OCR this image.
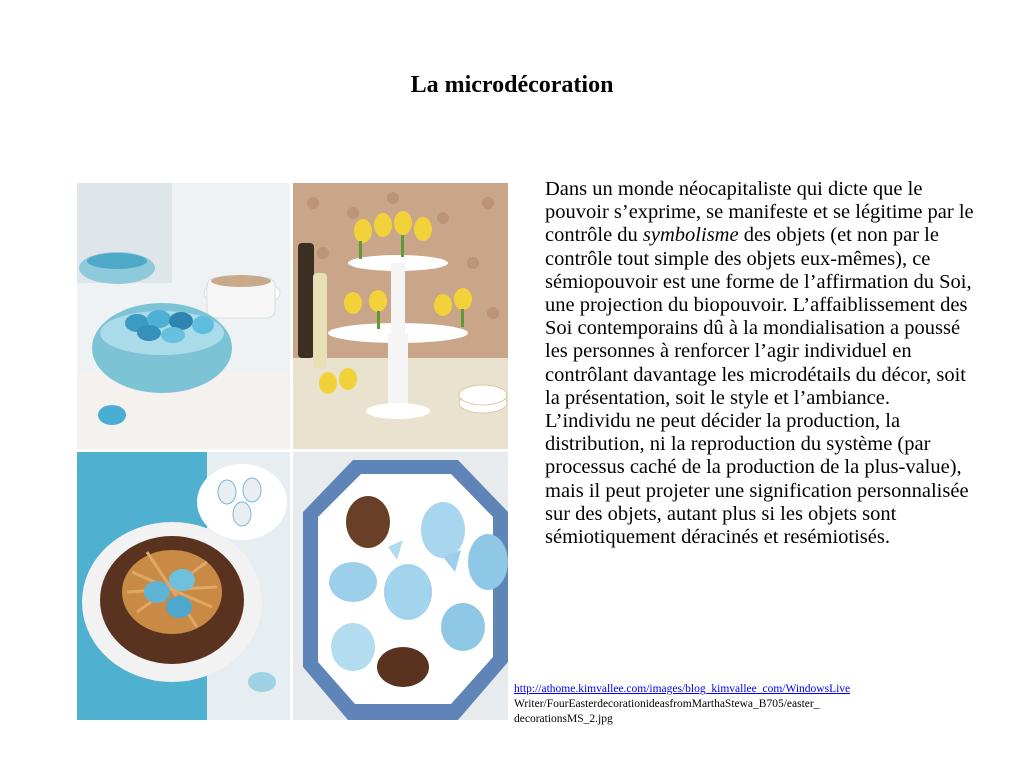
La microdécoration

Dans un monde néocapitaliste qui dicte que le pouvoir s’exprime, se manifeste et se légitime par le contrôle du symbolisme des objets (et non par le contrôle tout simple des objets eux-mêmes), ce sémiopouvoir est une forme de l’affirmation du Soi, une projection du biopouvoir. L’affaiblissement des Soi contemporains dû à la mondialisation a poussé les personnes à renforcer l’agir individuel en contrôlant davantage les microdétails du décor, soit la présentation, soit le style et l’ambiance. L’individu ne peut décider la production, la distribution, ni la reproduction du système (par processus caché de la production de la plus-value), mais il peut projeter une signification personnalisée sur des objets, autant plus si les objets sont sémiotiquement déracinés et resémiotisés.

http://athome.kimvallee.com/images/blog_kimvallee_com/WindowsLive
Writer/FourEasterdecorationideasfromMarthaStewa_B705/easter_
decorationsMS_2.jpg
